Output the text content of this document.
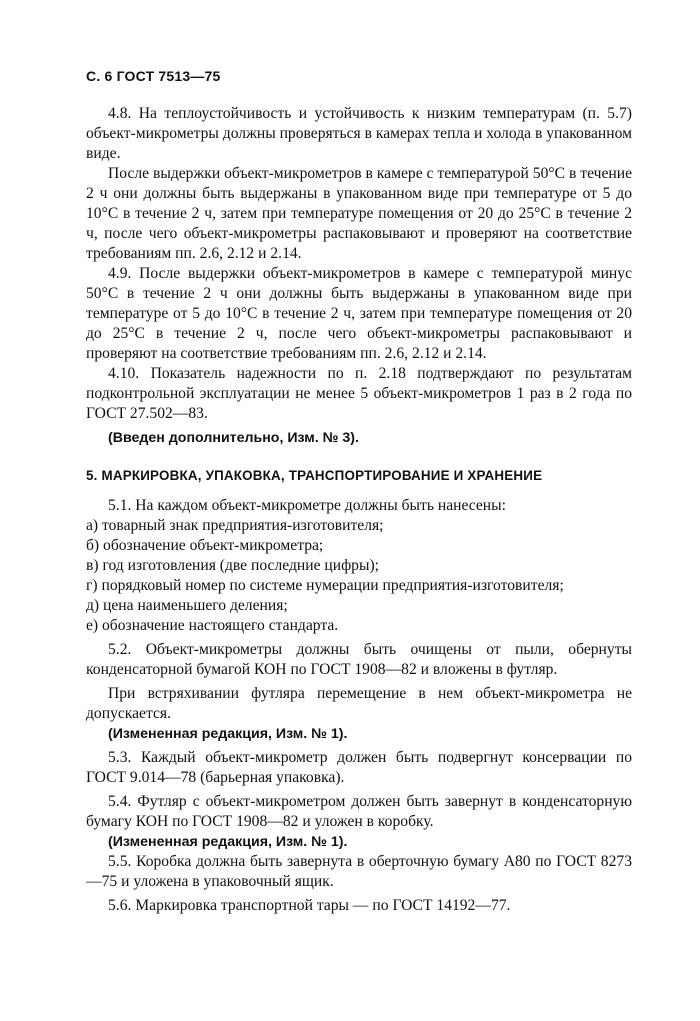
С. 6 ГОСТ 7513—75

4.8. На теплоустойчивость и устойчивость к низким температурам (п. 5.7) объект-микрометры должны проверяться в камерах тепла и холода в упакованном виде.

После выдержки объект-микрометров в камере с температурой 50°С в течение 2 ч они должны быть выдержаны в упакованном виде при температуре от 5 до 10°С в течение 2 ч, затем при температуре помещения от 20 до 25°С в течение 2 ч, после чего объект-микрометры распаковывают и проверяют на соответствие требованиям пп. 2.6, 2.12 и 2.14.

4.9. После выдержки объект-микрометров в камере с температурой минус 50°С в течение 2 ч они должны быть выдержаны в упакованном виде при температуре от 5 до 10°С в течение 2 ч, затем при температуре помещения от 20 до 25°С в течение 2 ч, после чего объект-микрометры распаковывают и проверяют на соответствие требованиям пп. 2.6, 2.12 и 2.14.

4.10. Показатель надежности по п. 2.18 подтверждают по результатам подконтрольной эксплуатации не менее 5 объект-микрометров 1 раз в 2 года по ГОСТ 27.502—83.

(Введен дополнительно, Изм. № 3).

5. МАРКИРОВКА, УПАКОВКА, ТРАНСПОРТИРОВАНИЕ И ХРАНЕНИЕ

5.1. На каждом объект-микрометре должны быть нанесены:

а) товарный знак предприятия-изготовителя;

б) обозначение объект-микрометра;

в) год изготовления (две последние цифры);

г) порядковый номер по системе нумерации предприятия-изготовителя;

д) цена наименьшего деления;

е) обозначение настоящего стандарта.

5.2. Объект-микрометры должны быть очищены от пыли, обернуты конденсаторной бумагой КОН по ГОСТ 1908—82 и вложены в футляр.

При встряхивании футляра перемещение в нем объект-микрометра не допускается.

(Измененная редакция, Изм. № 1).

5.3. Каждый объект-микрометр должен быть подвергнут консервации по ГОСТ 9.014—78 (барьерная упаковка).

5.4. Футляр с объект-микрометром должен быть завернут в конденсаторную бумагу КОН по ГОСТ 1908—82 и уложен в коробку.

(Измененная редакция, Изм. № 1).

5.5. Коробка должна быть завернута в оберточную бумагу А80 по ГОСТ 8273—75 и уложена в упаковочный ящик.

5.6. Маркировка транспортной тары — по ГОСТ 14192—77.
